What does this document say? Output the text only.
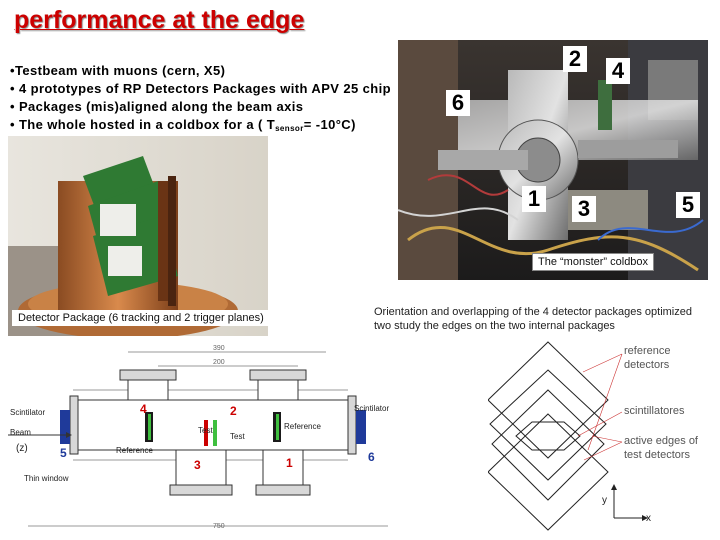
performance at the edge
•Testbeam with muons (cern, X5)
• 4 prototypes of RP Detectors Packages with APV 25 chip
• Packages (mis)aligned along the beam axis
• The whole hosted in a coldbox for a ( $T_{sensor}= -10^\circ C$)
2 4
6
1 3	5
The “monster” coldbox
Detector Package (6 tracking and 2 trigger planes)	Orientation and overlapping of the 4 detector packages optimized two study the edges on the two internal packages
390
200
750
Scintilator	Scintilator
Beam
(z)	Reference
Reference
Test
Test
Thin window
4	2
5
3	1	6
reference detectors
scintillatores
active edges of test detectors
y
x
